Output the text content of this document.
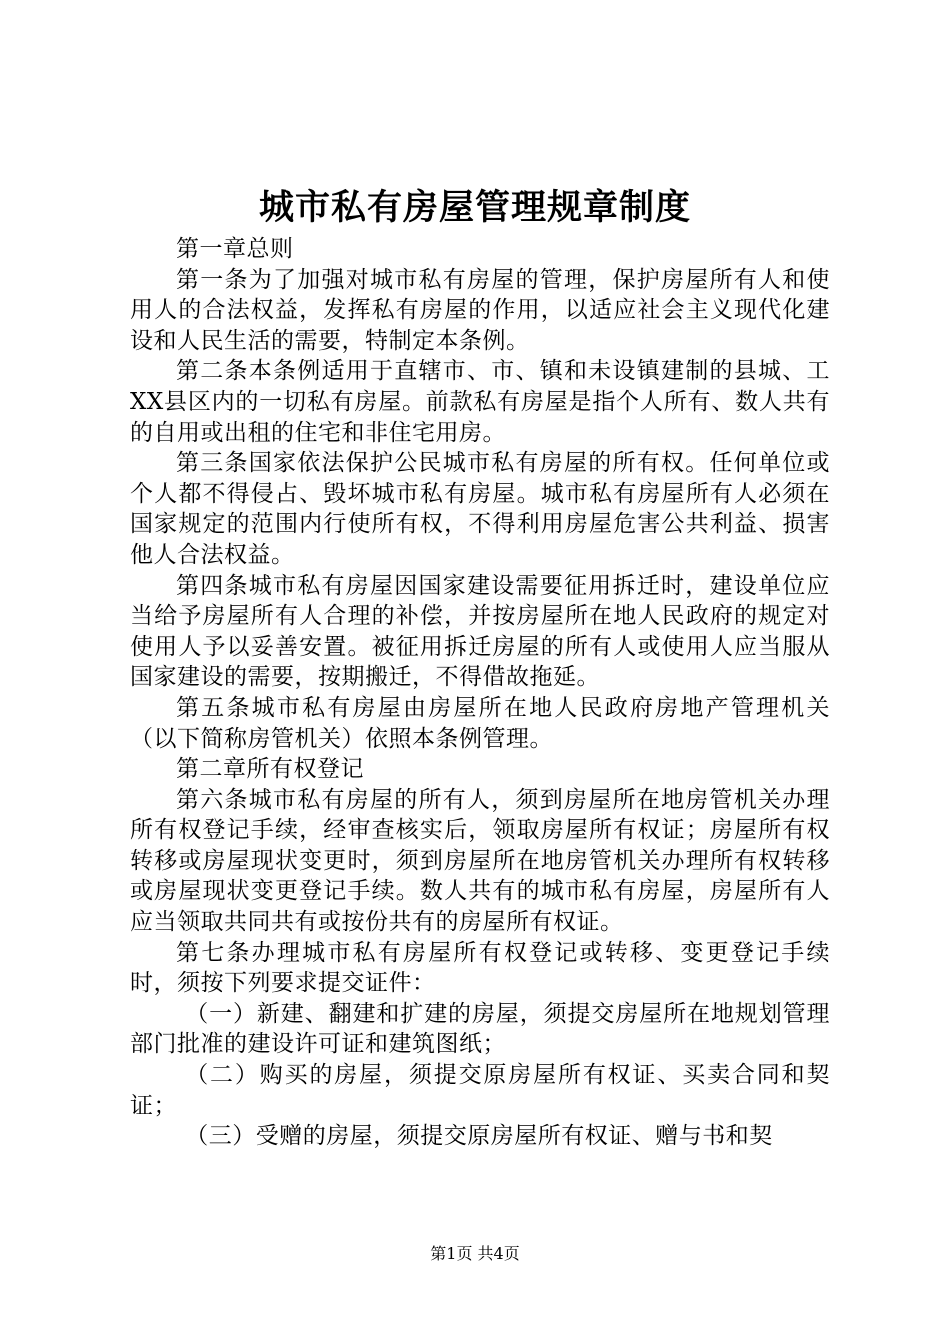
城市私有房屋管理规章制度

第一章总则

第一条为了加强对城市私有房屋的管理，保护房屋所有人和使用人的合法权益，发挥私有房屋的作用，以适应社会主义现代化建设和人民生活的需要，特制定本条例。

第二条本条例适用于直辖市、市、镇和未设镇建制的县城、工XX县区内的一切私有房屋。前款私有房屋是指个人所有、数人共有的自用或出租的住宅和非住宅用房。

第三条国家依法保护公民城市私有房屋的所有权。任何单位或个人都不得侵占、毁坏城市私有房屋。城市私有房屋所有人必须在国家规定的范围内行使所有权，不得利用房屋危害公共利益、损害他人合法权益。

第四条城市私有房屋因国家建设需要征用拆迁时，建设单位应当给予房屋所有人合理的补偿，并按房屋所在地人民政府的规定对使用人予以妥善安置。被征用拆迁房屋的所有人或使用人应当服从国家建设的需要，按期搬迁，不得借故拖延。

第五条城市私有房屋由房屋所在地人民政府房地产管理机关（以下简称房管机关）依照本条例管理。

第二章所有权登记

第六条城市私有房屋的所有人，须到房屋所在地房管机关办理所有权登记手续，经审查核实后，领取房屋所有权证；房屋所有权转移或房屋现状变更时，须到房屋所在地房管机关办理所有权转移或房屋现状变更登记手续。数人共有的城市私有房屋，房屋所有人应当领取共同共有或按份共有的房屋所有权证。

第七条办理城市私有房屋所有权登记或转移、变更登记手续时，须按下列要求提交证件：

（一）新建、翻建和扩建的房屋，须提交房屋所在地规划管理部门批准的建设许可证和建筑图纸；

（二）购买的房屋，须提交原房屋所有权证、买卖合同和契证；

（三）受赠的房屋，须提交原房屋所有权证、赠与书和契

第1页 共4页
